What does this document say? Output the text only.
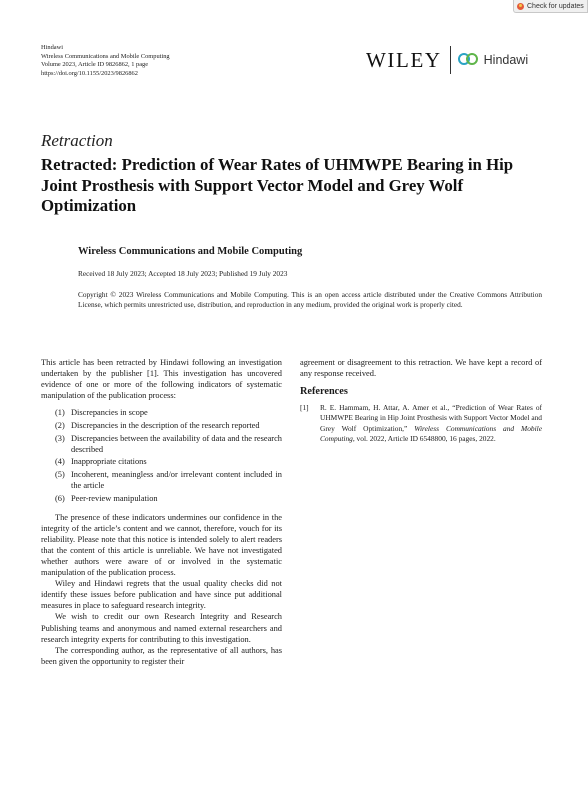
Check for updates
Hindawi
Wireless Communications and Mobile Computing
Volume 2023, Article ID 9826862, 1 page
https://doi.org/10.1155/2023/9826862
WILEY	Hindawi
Retraction
Retracted: Prediction of Wear Rates of UHMWPE Bearing in Hip Joint Prosthesis with Support Vector Model and Grey Wolf Optimization
Wireless Communications and Mobile Computing
Received 18 July 2023; Accepted 18 July 2023; Published 19 July 2023
Copyright © 2023 Wireless Communications and Mobile Computing. This is an open access article distributed under the Creative Commons Attribution License, which permits unrestricted use, distribution, and reproduction in any medium, provided the original work is properly cited.

This article has been retracted by Hindawi following an investigation undertaken by the publisher [1]. This investigation has uncovered evidence of one or more of the following indicators of systematic manipulation of the publication process:

(1) Discrepancies in scope
(2) Discrepancies in the description of the research reported
(3) Discrepancies between the availability of data and the research described
(4) Inappropriate citations
(5) Incoherent, meaningless and/or irrelevant content included in the article
(6) Peer-review manipulation

The presence of these indicators undermines our confidence in the integrity of the article’s content and we cannot, therefore, vouch for its reliability. Please note that this notice is intended solely to alert readers that the content of this article is unreliable. We have not investigated whether authors were aware of or involved in the systematic manipulation of the publication process.

Wiley and Hindawi regrets that the usual quality checks did not identify these issues before publication and have since put additional measures in place to safeguard research integrity.

We wish to credit our own Research Integrity and Research Publishing teams and anonymous and named external researchers and research integrity experts for contributing to this investigation.

The corresponding author, as the representative of all authors, has been given the opportunity to register their

agreement or disagreement to this retraction. We have kept a record of any response received.

References
[1] R. E. Hammam, H. Attar, A. Amer et al., “Prediction of Wear Rates of UHMWPE Bearing in Hip Joint Prosthesis with Support Vector Model and Grey Wolf Optimization,” Wireless Communications and Mobile Computing, vol. 2022, Article ID 6548800, 16 pages, 2022.
